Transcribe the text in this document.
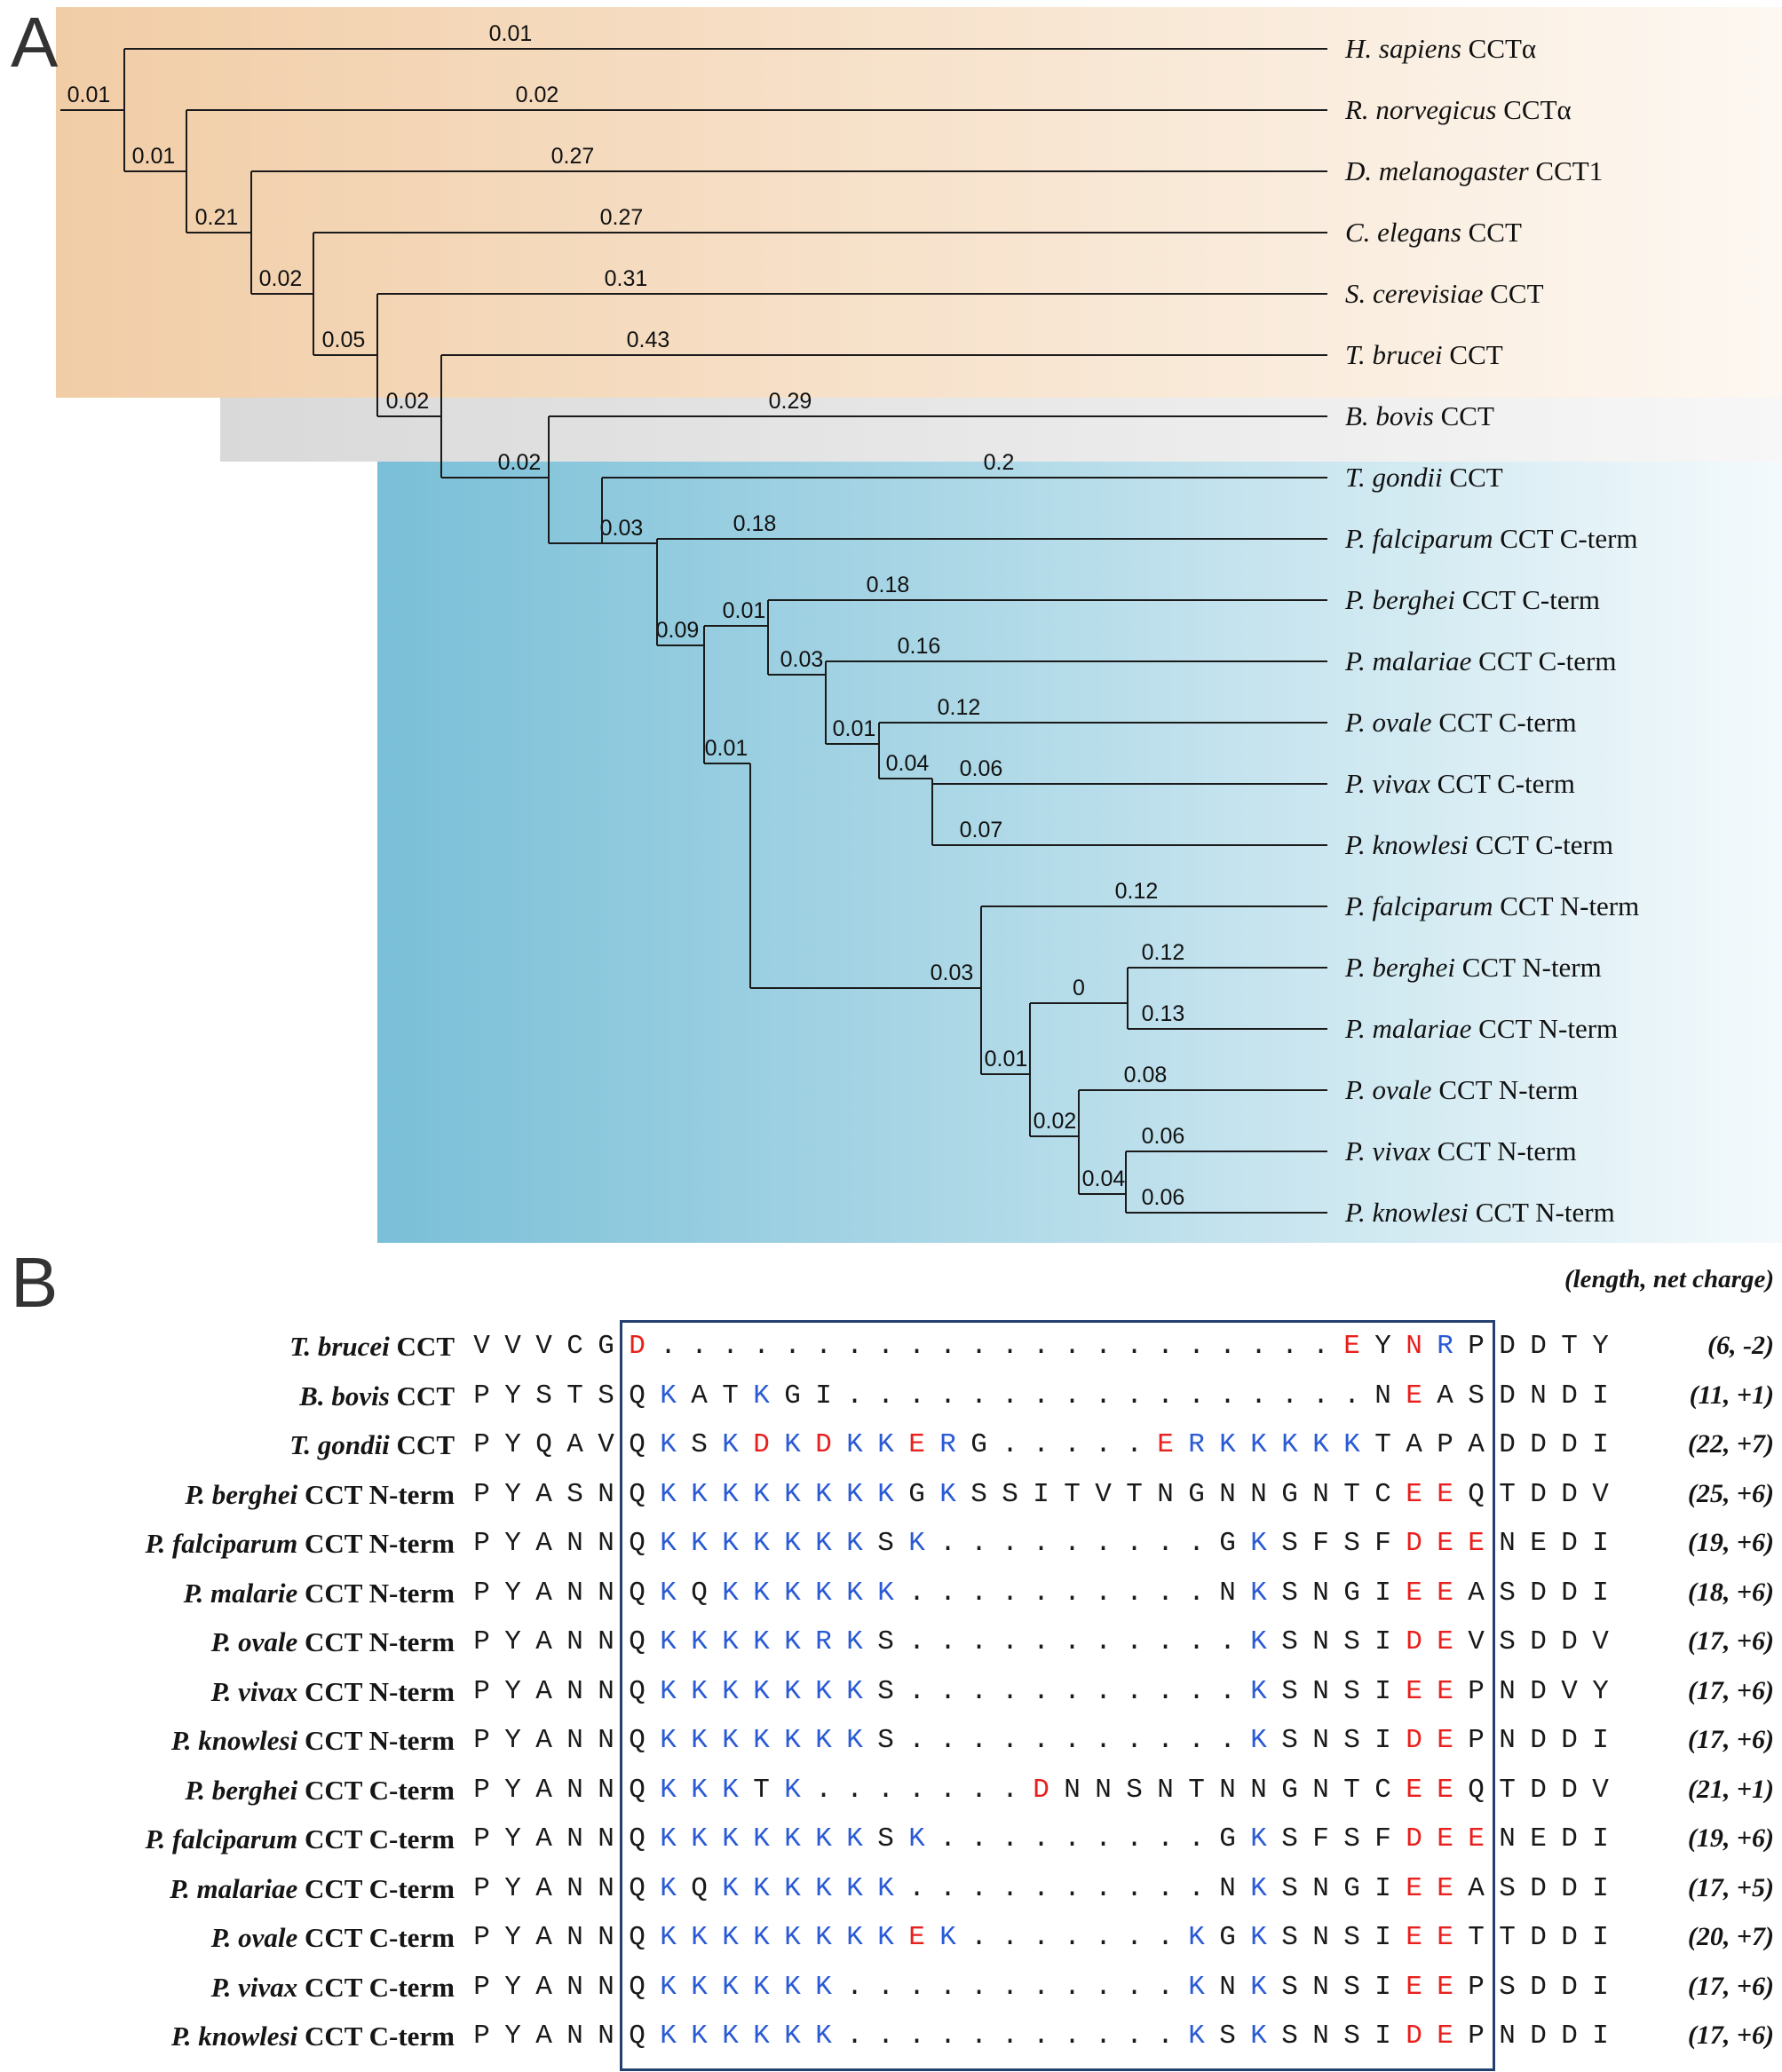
0.01
0.01
0.21
0.02
0.05
0.02
0.02
0.03
0.09
0.01
0.01
0.03
0.01
0.04
0.03
0.01
0
0.02
0.04
0.01	H. sapiens CCTα
0.02	R. norvegicus CCTα
0.27	D. melanogaster CCT1
0.27	C. elegans CCT
0.31	S. cerevisiae CCT
0.43	T. brucei CCT
0.29	B. bovis CCT
0.2	T. gondii CCT
0.18	P. falciparum CCT C-term
0.18	P. berghei CCT C-term
0.16	P. malariae CCT C-term
0.12	P. ovale CCT C-term
0.06	P. vivax CCT C-term
0.07	P. knowlesi CCT C-term
0.12	P. falciparum CCT N-term
0.12	P. berghei CCT N-term
0.13	P. malariae CCT N-term
0.08	P. ovale CCT N-term
0.06	P. vivax CCT N-term
0.06	P. knowlesi CCT N-term
A
B	(length, net charge)
T. brucei CCT V V V C G D . . . . . . . . . . . . . . . . . . . . . . E Y N R P D D T Y	(6, -2)
B. bovis CCT P Y S T S Q K A T K G I . . . . . . . . . . . . . . . . . N E A S D N D I	(11, +1)
T. gondii CCT P Y Q A V Q K S K D K D K K E R G . . . . . E R K K K K K T A P A D D D I	(22, +7)
P. berghei CCT N-term P Y A S N Q K K K K K K K K G K S S I T V T N G N N G N T C E E Q T D D V	(25, +6)
P. falciparum CCT N-term P Y A N N Q K K K K K K K S K . . . . . . . . . G K S F S F D E E N E D I	(19, +6)
P. malarie CCT N-term P Y A N N Q K Q K K K K K K . . . . . . . . . . N K S N G I E E A S D D I	(18, +6)
P. ovale CCT N-term P Y A N N Q K K K K K R K S . . . . . . . . . . . K S N S I D E V S D D V	(17, +6)
P. vivax CCT N-term P Y A N N Q K K K K K K K S . . . . . . . . . . . K S N S I E E P N D V Y	(17, +6)
P. knowlesi CCT N-term P Y A N N Q K K K K K K K S . . . . . . . . . . . K S N S I D E P N D D I	(17, +6)
P. berghei CCT C-term P Y A N N Q K K K T K . . . . . . . D N N S N T N N G N T C E E Q T D D V	(21, +1)
P. falciparum CCT C-term P Y A N N Q K K K K K K K S K . . . . . . . . . G K S F S F D E E N E D I	(19, +6)
P. malariae CCT C-term P Y A N N Q K Q K K K K K K . . . . . . . . . . N K S N G I E E A S D D I	(17, +5)
P. ovale CCT C-term P Y A N N Q K K K K K K K K E K . . . . . . . K G K S N S I E E T T D D I	(20, +7)
P. vivax CCT C-term P Y A N N Q K K K K K K . . . . . . . . . . . K N K S N S I E E P S D D I	(17, +6)
P. knowlesi CCT C-term P Y A N N Q K K K K K K . . . . . . . . . . . K S K S N S I D E P N D D I	(17, +6)
